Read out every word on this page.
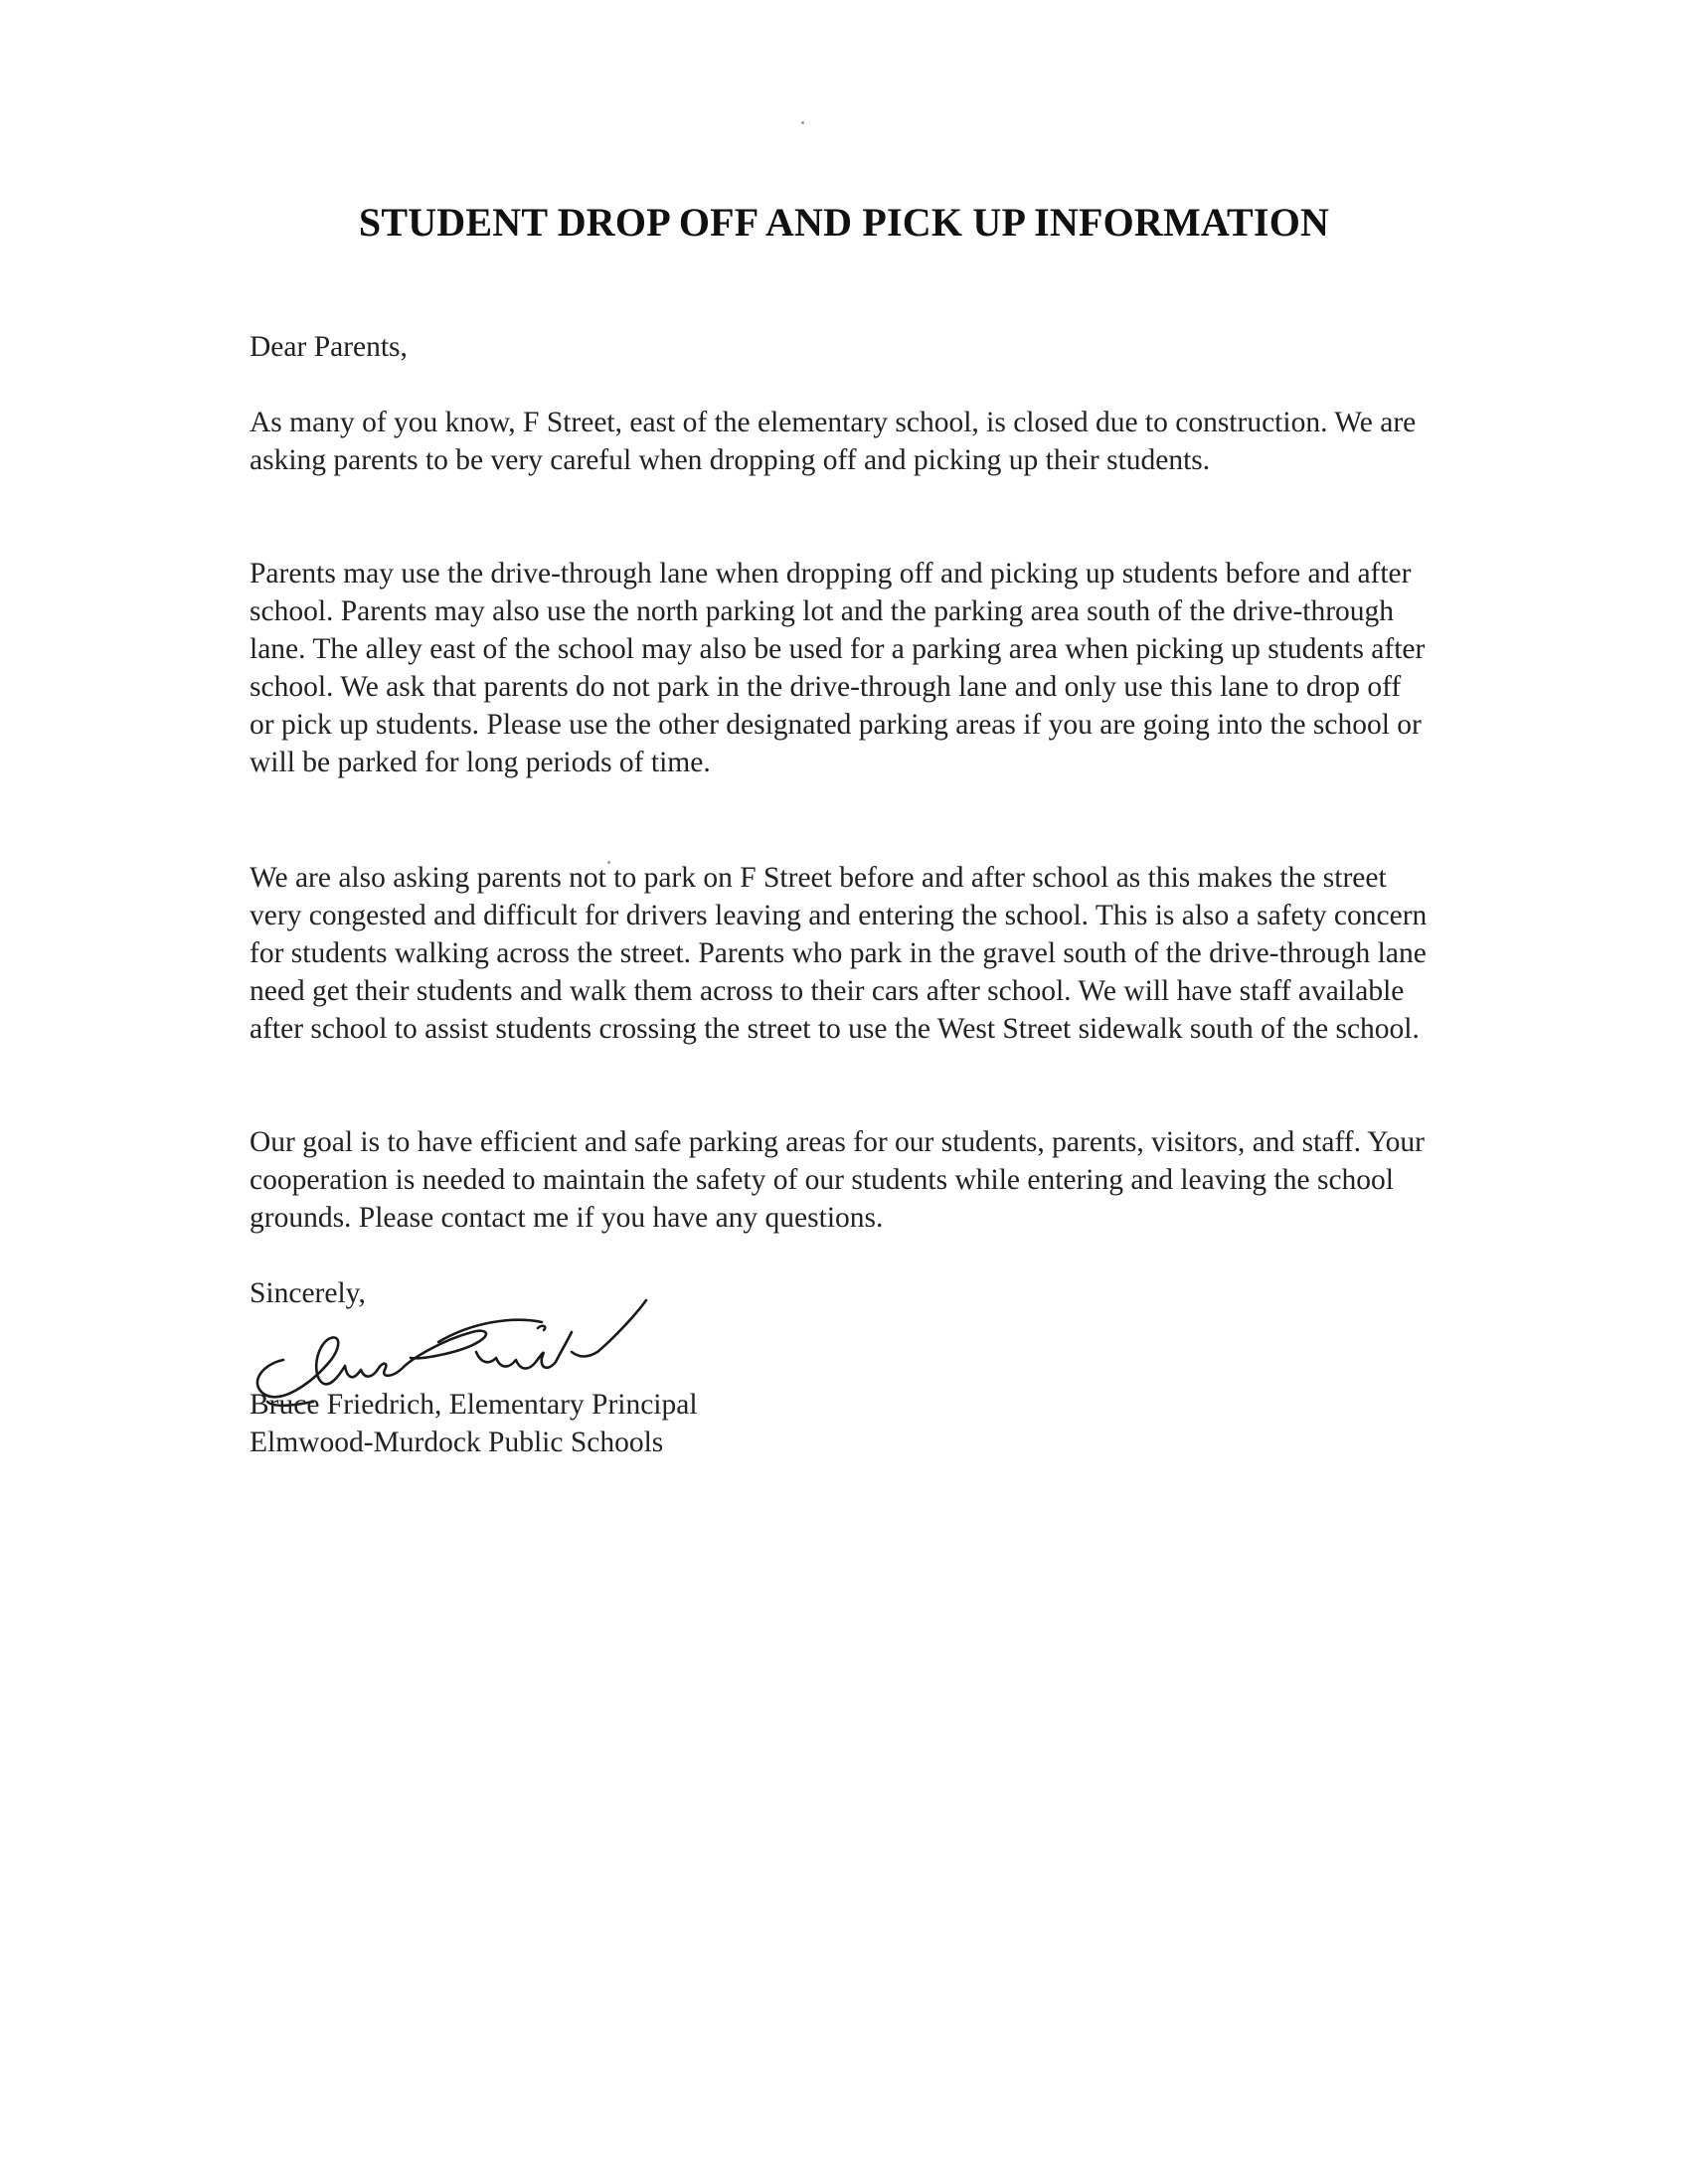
STUDENT DROP OFF AND PICK UP INFORMATION

Dear Parents,

As many of you know, F Street, east of the elementary school, is closed due to construction. We are asking parents to be very careful when dropping off and picking up their students.

Parents may use the drive-through lane when dropping off and picking up students before and after school. Parents may also use the north parking lot and the parking area south of the drive-through lane. The alley east of the school may also be used for a parking area when picking up students after school. We ask that parents do not park in the drive-through lane and only use this lane to drop off or pick up students. Please use the other designated parking areas if you are going into the school or will be parked for long periods of time.

We are also asking parents not to park on F Street before and after school as this makes the street very congested and difficult for drivers leaving and entering the school. This is also a safety concern for students walking across the street. Parents who park in the gravel south of the drive-through lane need get their students and walk them across to their cars after school. We will have staff available after school to assist students crossing the street to use the West Street sidewalk south of the school.

Our goal is to have efficient and safe parking areas for our students, parents, visitors, and staff. Your cooperation is needed to maintain the safety of our students while entering and leaving the school grounds. Please contact me if you have any questions.

Sincerely,

Bruce Friedrich, Elementary Principal

Elmwood-Murdock Public Schools
